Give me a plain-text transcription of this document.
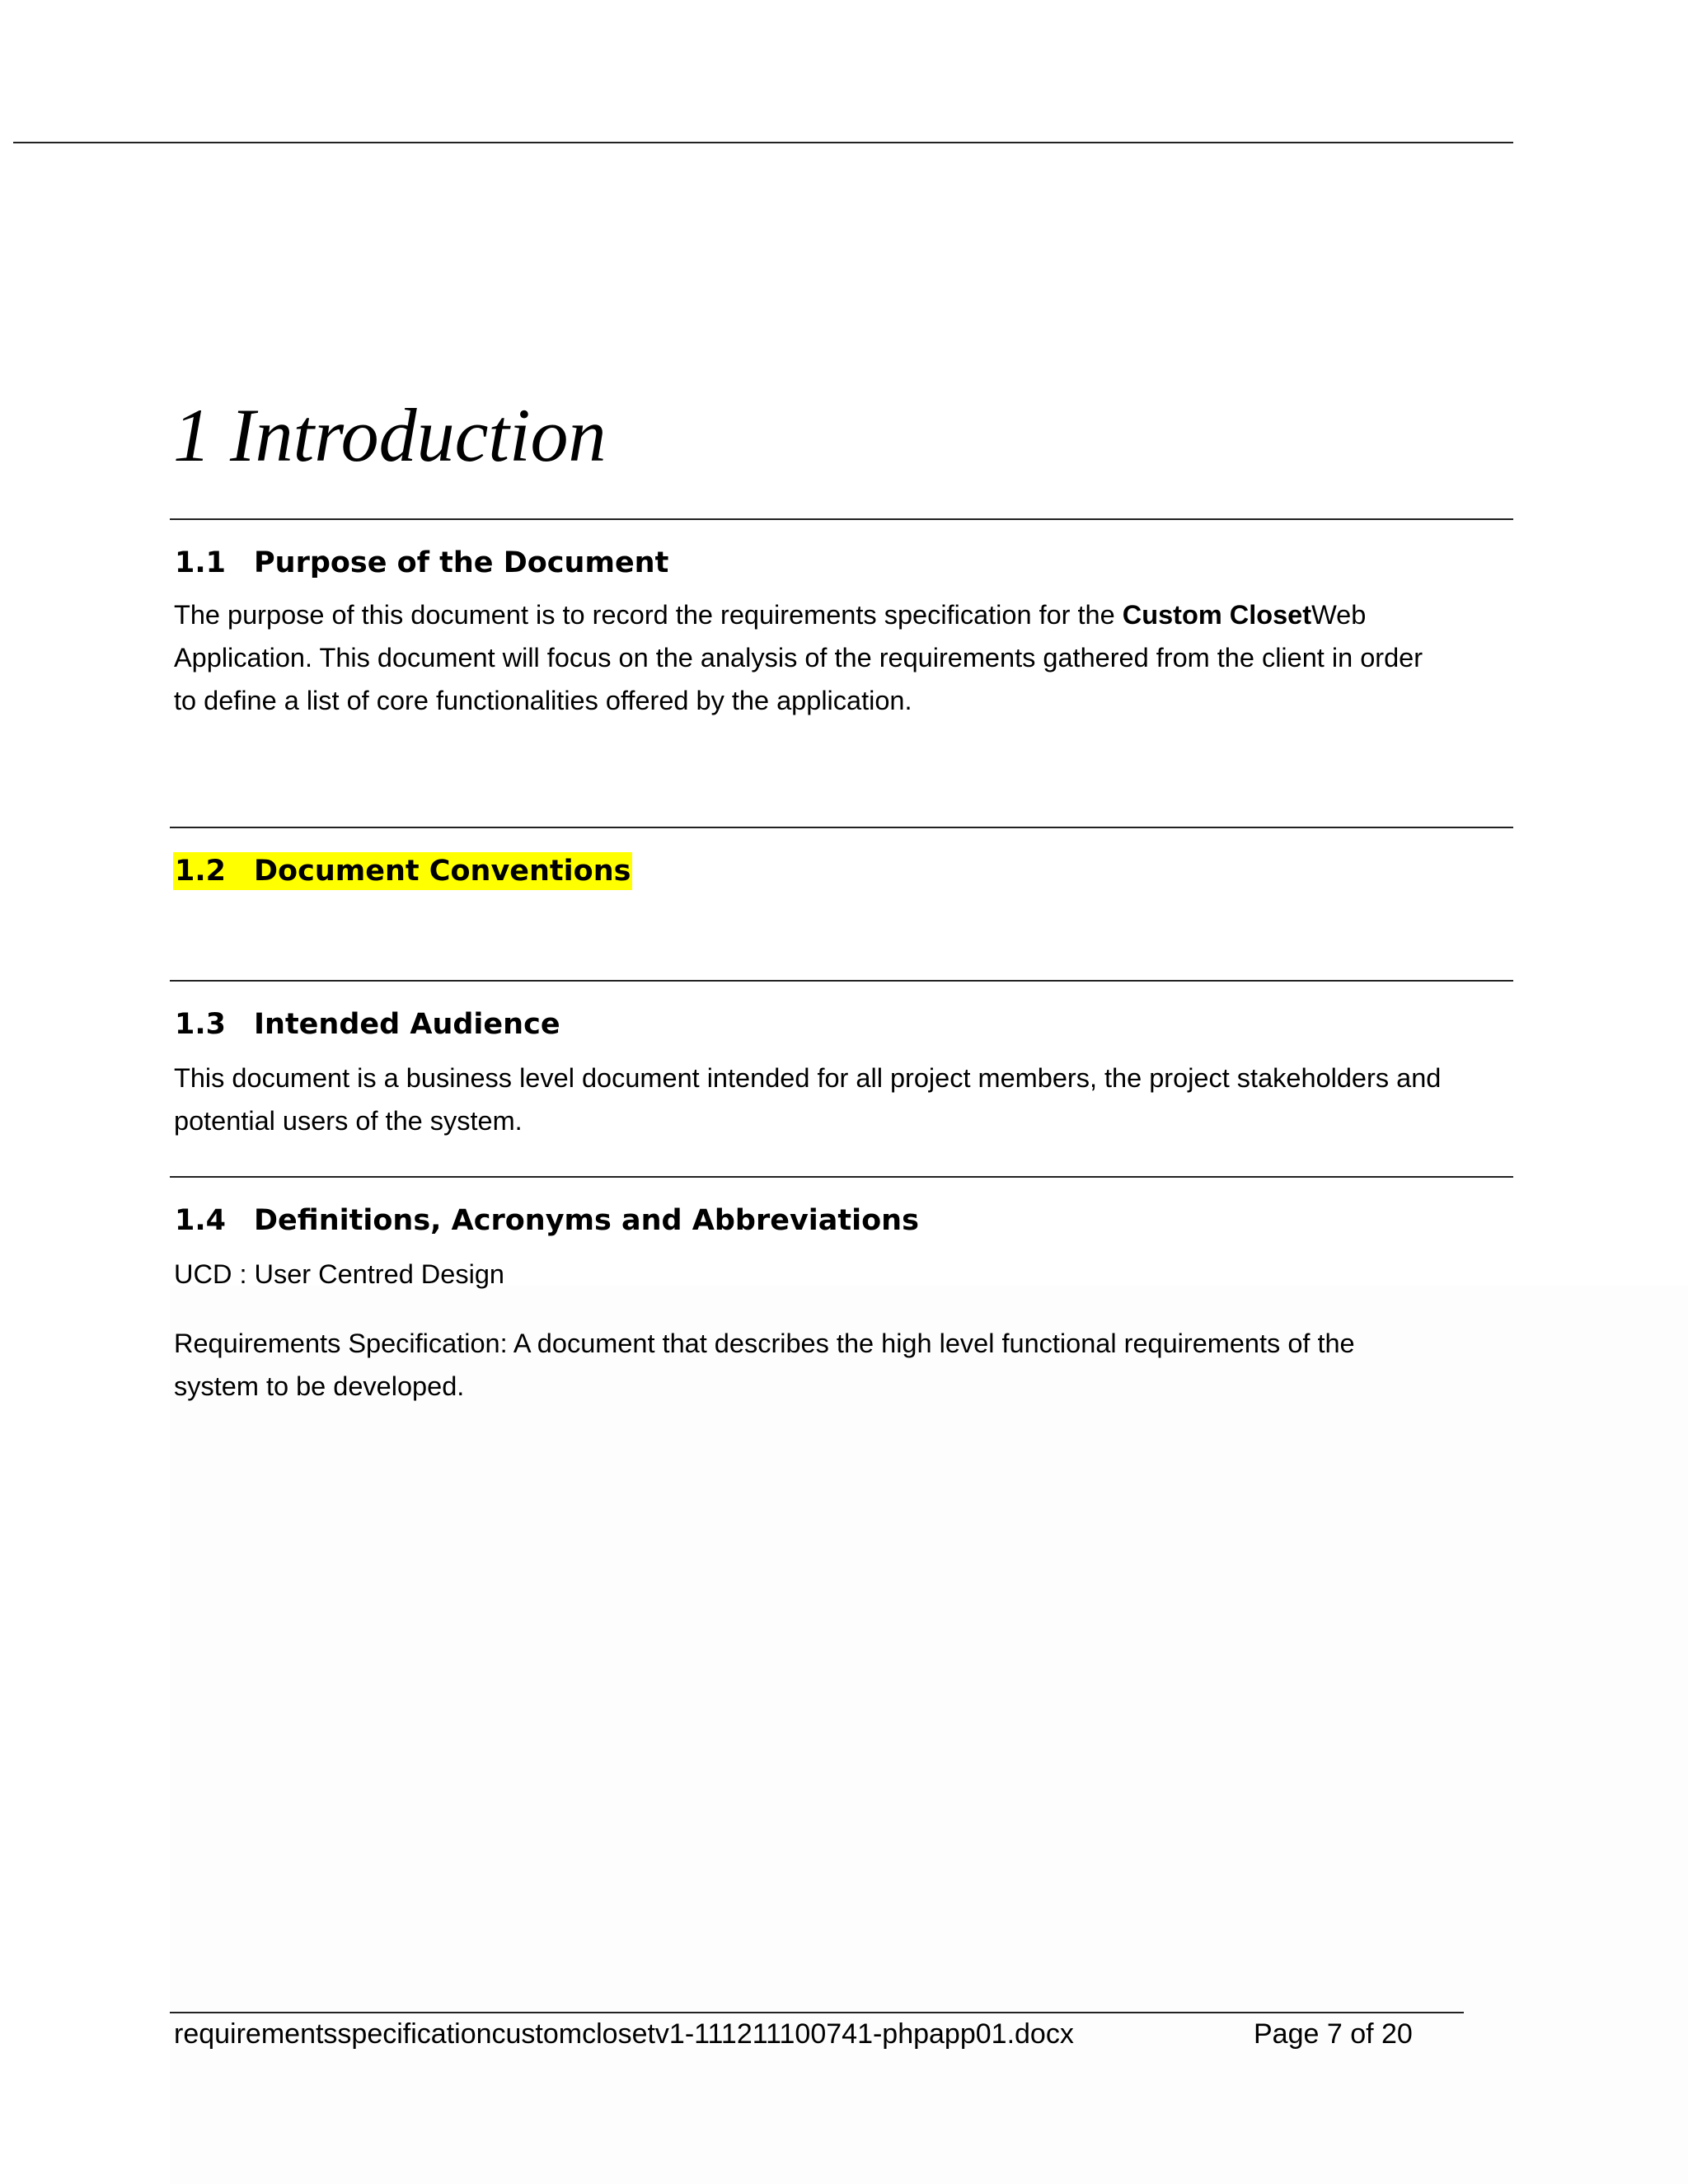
1 Introduction
1.1 Purpose of the Document
The purpose of this document is to record the requirements specification for the Custom ClosetWeb
Application. This document will focus on the analysis of the requirements gathered from the client in order
to define a list of core functionalities offered by the application.
1.2 Document Conventions
1.3 Intended Audience
This document is a business level document intended for all project members, the project stakeholders and
potential users of the system.
1.4 Definitions, Acronyms and Abbreviations
UCD : User Centred Design
Requirements Specification: A document that describes the high level functional requirements of the
system to be developed.
requirementsspecificationcustomclosetv1-111211100741-phpapp01.docx	Page 7 of 20
